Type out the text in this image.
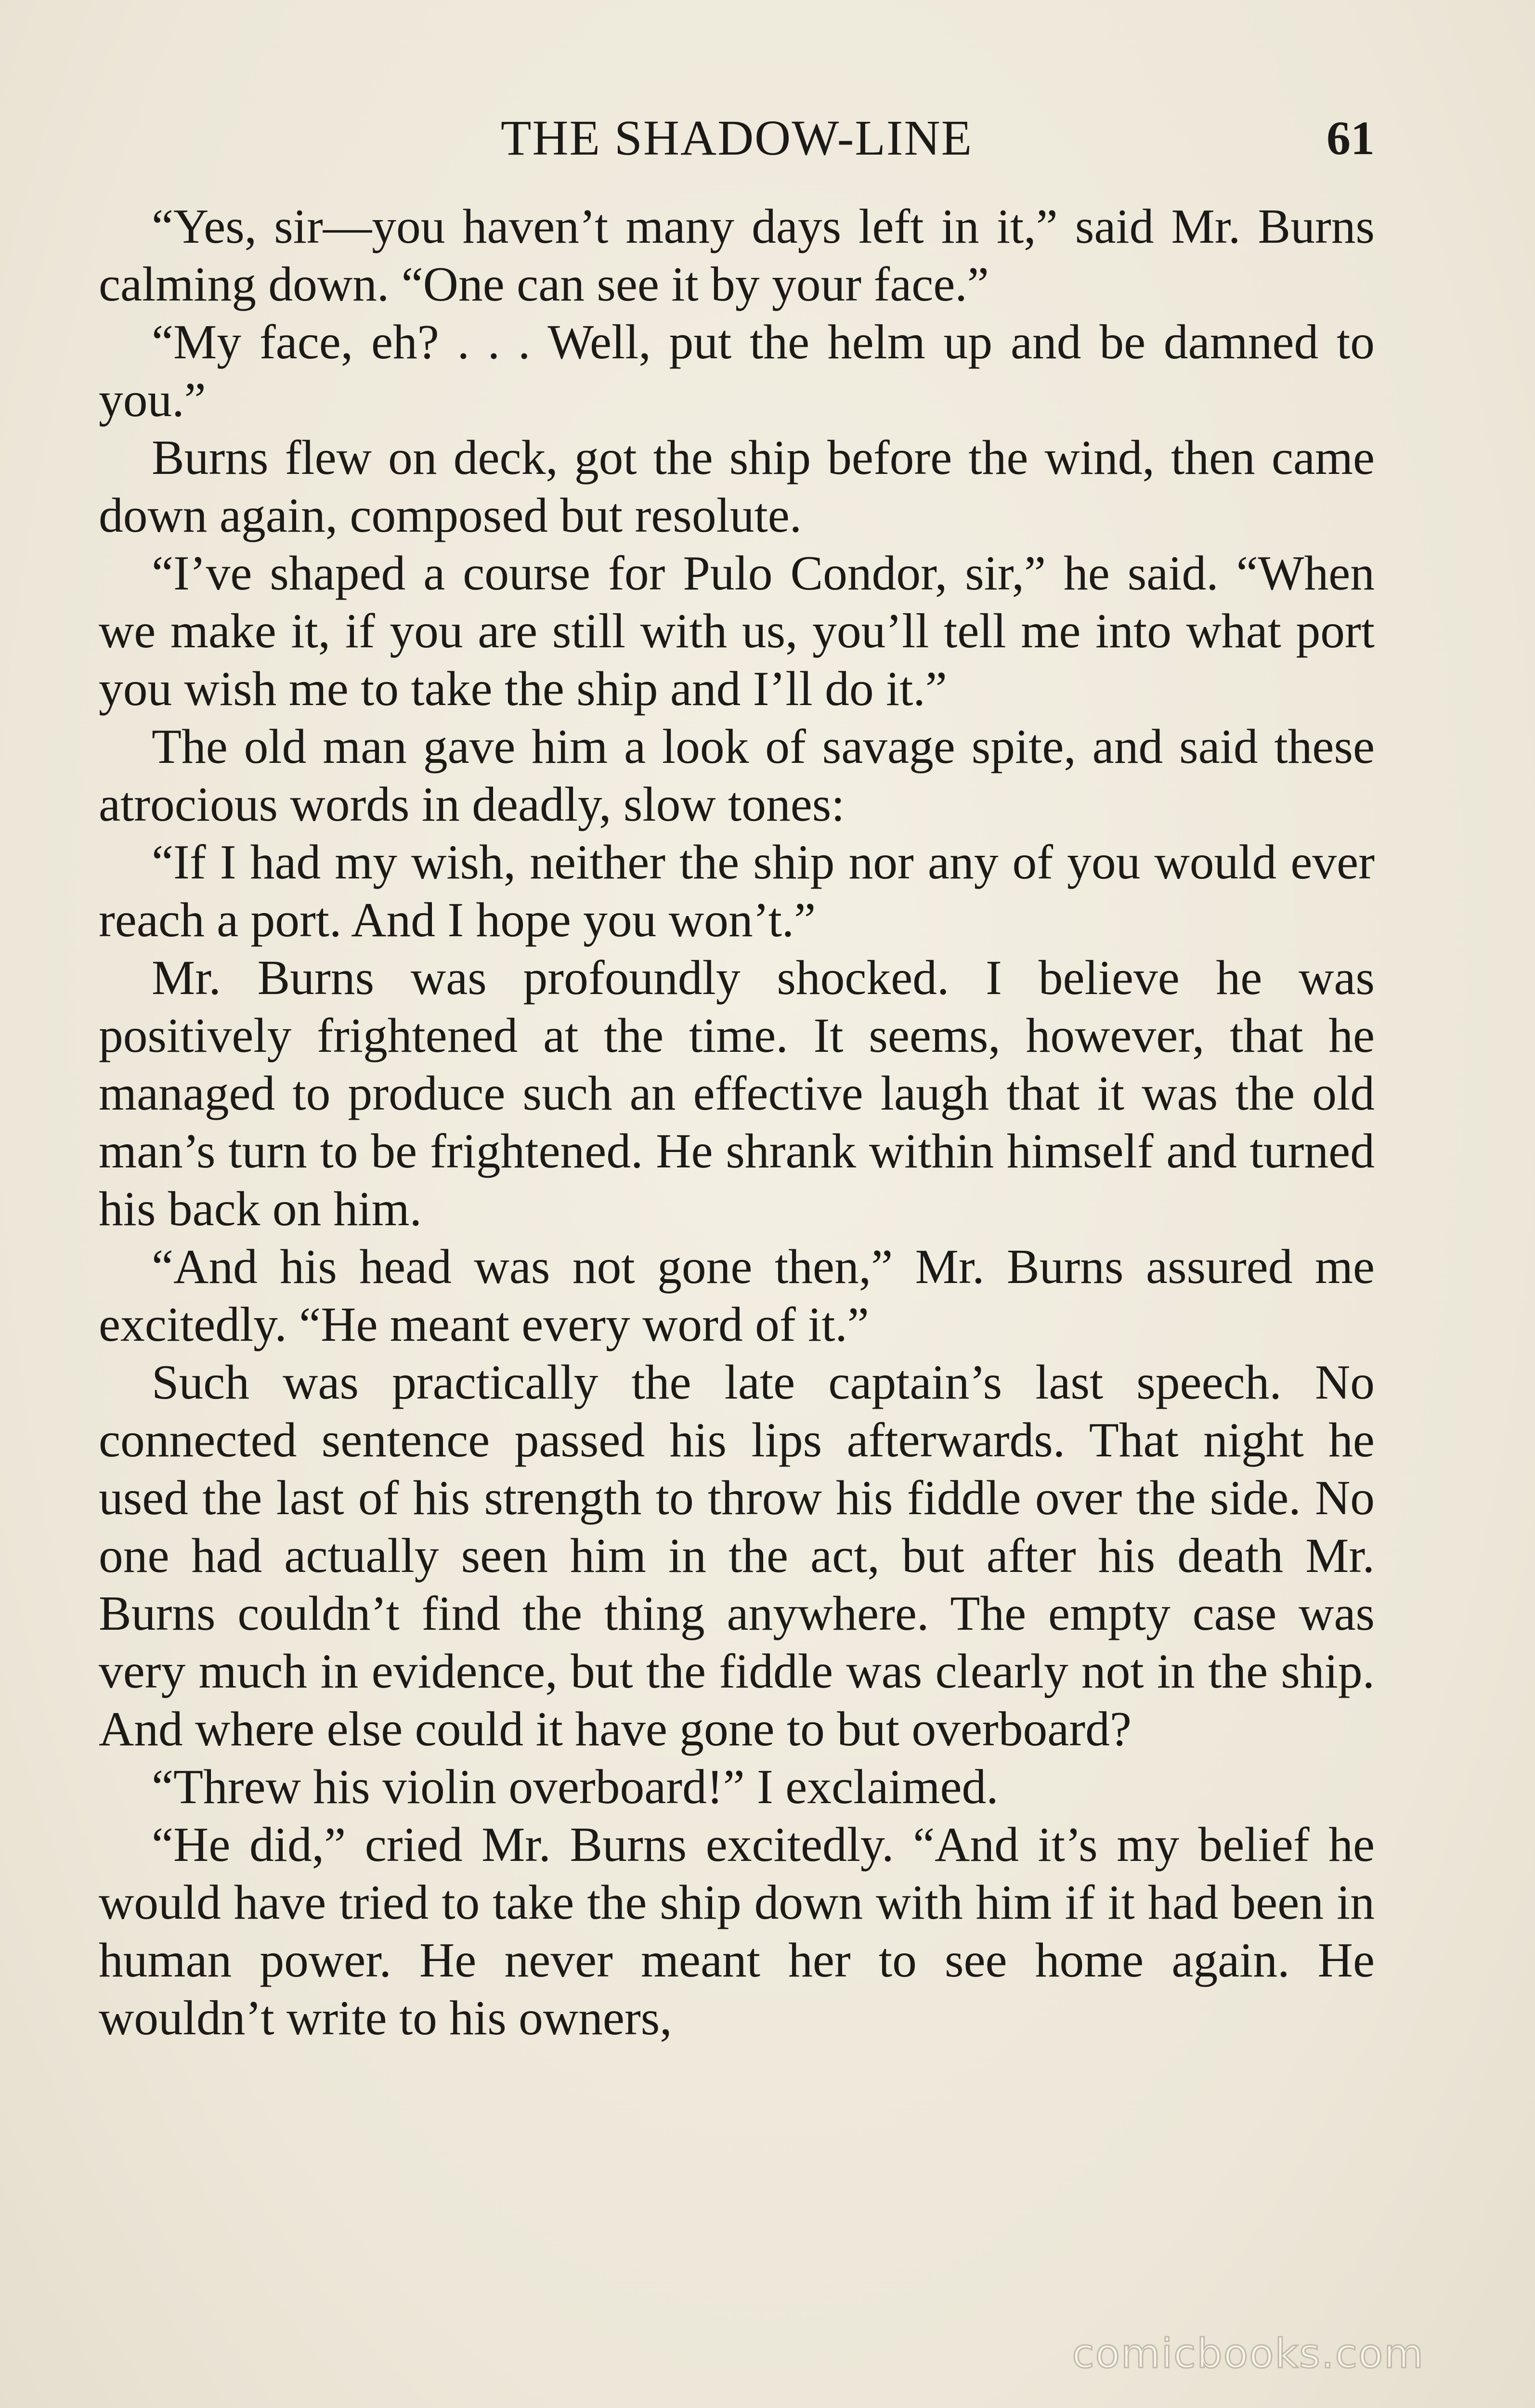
THE SHADOW-LINE	61

“Yes, sir—you haven’t many days left in it,” said Mr. Burns calming down. “One can see it by your face.”

“My face, eh? . . . Well, put the helm up and be damned to you.”

Burns flew on deck, got the ship before the wind, then came down again, composed but resolute.

“I’ve shaped a course for Pulo Condor, sir,” he said. “When we make it, if you are still with us, you’ll tell me into what port you wish me to take the ship and I’ll do it.”

The old man gave him a look of savage spite, and said these atrocious words in deadly, slow tones:

“If I had my wish, neither the ship nor any of you would ever reach a port. And I hope you won’t.”

Mr. Burns was profoundly shocked. I believe he was positively frightened at the time. It seems, however, that he managed to produce such an effective laugh that it was the old man’s turn to be frightened. He shrank within himself and turned his back on him.

“And his head was not gone then,” Mr. Burns assured me excitedly. “He meant every word of it.”

Such was practically the late captain’s last speech. No connected sentence passed his lips afterwards. That night he used the last of his strength to throw his fiddle over the side. No one had actually seen him in the act, but after his death Mr. Burns couldn’t find the thing anywhere. The empty case was very much in evidence, but the fiddle was clearly not in the ship. And where else could it have gone to but overboard?

“Threw his violin overboard!” I exclaimed.

“He did,” cried Mr. Burns excitedly. “And it’s my belief he would have tried to take the ship down with him if it had been in human power. He never meant her to see home again. He wouldn’t write to his owners,

comicbooks.com
